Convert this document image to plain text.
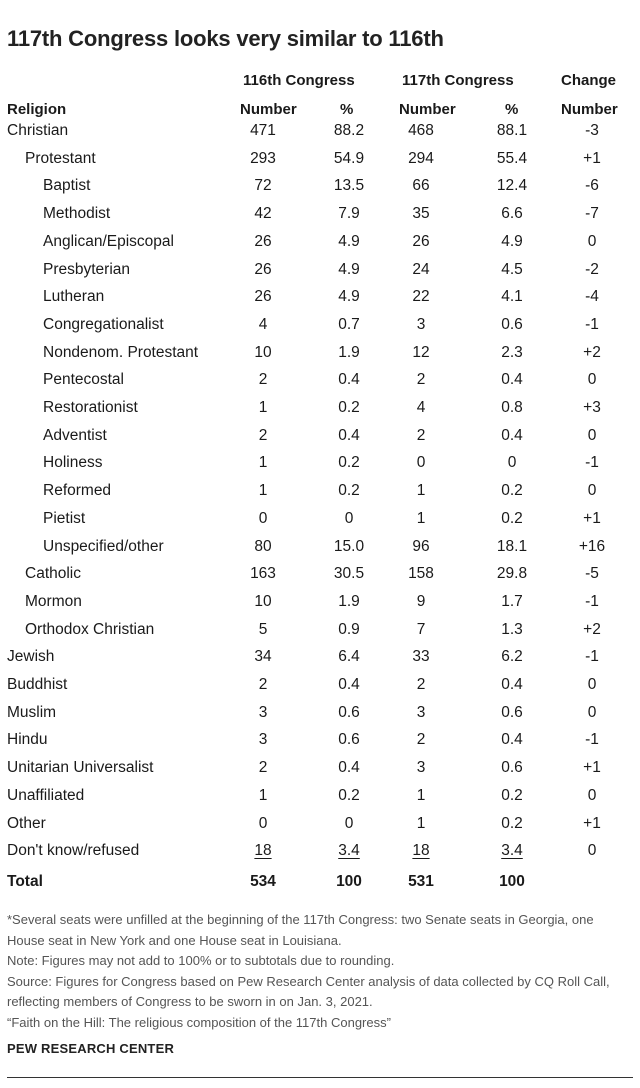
117th Congress looks very similar to 116th
116th Congress	117th Congress	Change
Religion	Number	%	Number	%	Number
Christian	471	88.2	468	88.1	-3
Protestant	293	54.9	294	55.4	+1
Baptist	72	13.5	66	12.4	-6
Methodist	42	7.9	35	6.6	-7
Anglican/Episcopal	26	4.9	26	4.9	0
Presbyterian	26	4.9	24	4.5	-2
Lutheran	26	4.9	22	4.1	-4
Congregationalist	4	0.7	3	0.6	-1
Nondenom. Protestant	10	1.9	12	2.3	+2
Pentecostal	2	0.4	2	0.4	0
Restorationist	1	0.2	4	0.8	+3
Adventist	2	0.4	2	0.4	0
Holiness	1	0.2	0	0	-1
Reformed	1	0.2	1	0.2	0
Pietist	0	0	1	0.2	+1
Unspecified/other	80	15.0	96	18.1	+16
Catholic	163	30.5	158	29.8	-5
Mormon	10	1.9	9	1.7	-1
Orthodox Christian	5	0.9	7	1.3	+2
Jewish	34	6.4	33	6.2	-1
Buddhist	2	0.4	2	0.4	0
Muslim	3	0.6	3	0.6	0
Hindu	3	0.6	2	0.4	-1
Unitarian Universalist	2	0.4	3	0.6	+1
Unaffiliated	1	0.2	1	0.2	0
Other	0	0	1	0.2	+1
Don't know/refused	18	3.4	18	3.4	0
Total	534	100	531	100
*Several seats were unfilled at the beginning of the 117th Congress: two Senate seats in Georgia, one House seat in New York and one House seat in Louisiana.
Note: Figures may not add to 100% or to subtotals due to rounding.
Source: Figures for Congress based on Pew Research Center analysis of data collected by CQ Roll Call, reflecting members of Congress to be sworn in on Jan. 3, 2021.
“Faith on the Hill: The religious composition of the 117th Congress”
PEW RESEARCH CENTER
